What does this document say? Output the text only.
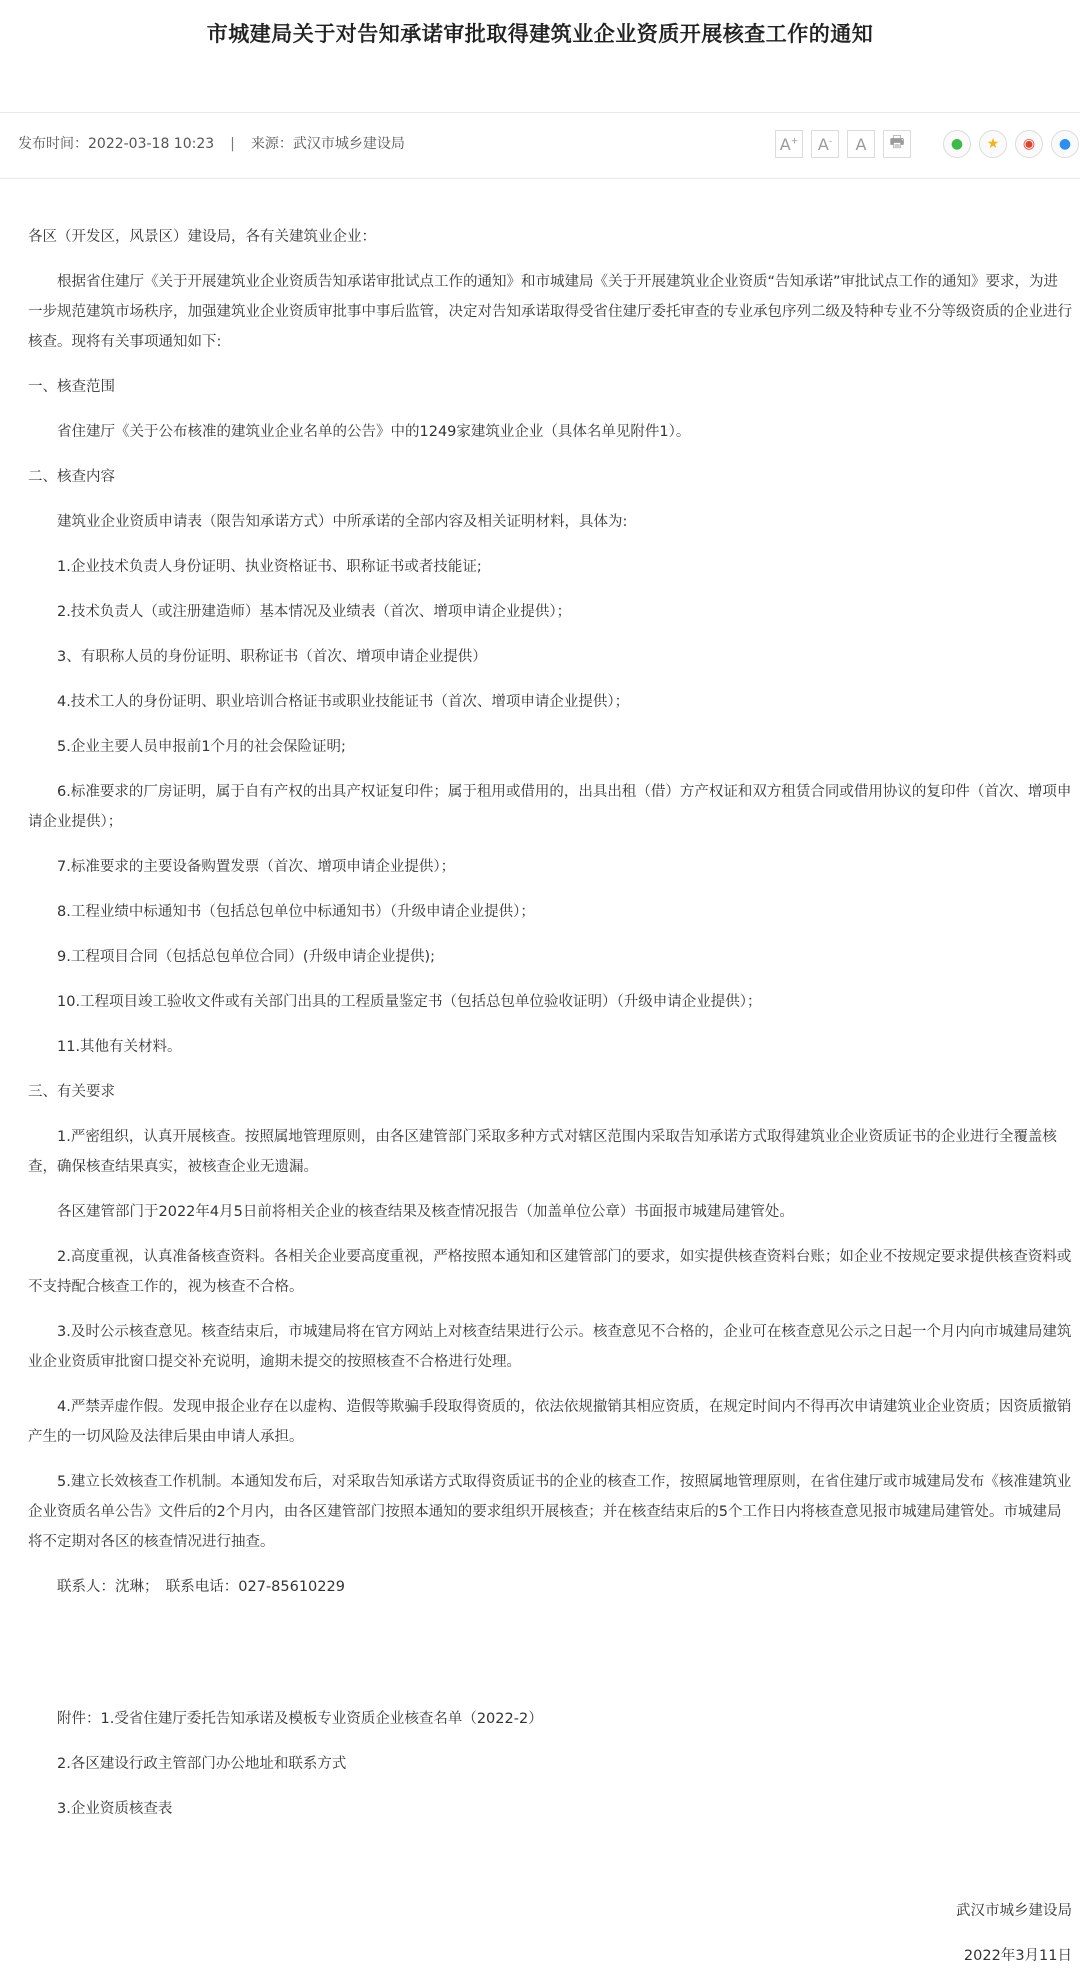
市城建局关于对告知承诺审批取得建筑业企业资质开展核查工作的通知
发布时间：2022-03-18 10:23 | 来源：武汉市城乡建设局	A+ A- A 🖶	● ★ ◉ ●

各区（开发区，风景区）建设局，各有关建筑业企业：

根据省住建厅《关于开展建筑业企业资质告知承诺审批试点工作的通知》和市城建局《关于开展建筑业企业资质“告知承诺”审批试点工作的通知》要求，为进一步规范建筑市场秩序，加强建筑业企业资质审批事中事后监管，决定对告知承诺取得受省住建厅委托审查的专业承包序列二级及特种专业不分等级资质的企业进行核查。现将有关事项通知如下:

一、核查范围

省住建厅《关于公布核准的建筑业企业名单的公告》中的1249家建筑业企业（具体名单见附件1）。

二、核查内容

建筑业企业资质申请表（限告知承诺方式）中所承诺的全部内容及相关证明材料，具体为:

1.企业技术负责人身份证明、执业资格证书、职称证书或者技能证;

2.技术负责人（或注册建造师）基本情况及业绩表（首次、增项申请企业提供）；

3、有职称人员的身份证明、职称证书（首次、增项申请企业提供）

4.技术工人的身份证明、职业培训合格证书或职业技能证书（首次、增项申请企业提供）；

5.企业主要人员申报前1个月的社会保险证明;

6.标准要求的厂房证明，属于自有产权的出具产权证复印件；属于租用或借用的，出具出租（借）方产权证和双方租赁合同或借用协议的复印件（首次、增项申请企业提供）；

7.标准要求的主要设备购置发票（首次、增项申请企业提供）；

8.工程业绩中标通知书（包括总包单位中标通知书）（升级申请企业提供）；

9.工程项目合同（包括总包单位合同）(升级申请企业提供);

10.工程项目竣工验收文件或有关部门出具的工程质量鉴定书（包括总包单位验收证明）（升级申请企业提供）；

11.其他有关材料。

三、有关要求

1.严密组织，认真开展核查。按照属地管理原则，由各区建管部门采取多种方式对辖区范围内采取告知承诺方式取得建筑业企业资质证书的企业进行全覆盖核查，确保核查结果真实，被核查企业无遗漏。

各区建管部门于2022年4月5日前将相关企业的核查结果及核查情况报告（加盖单位公章）书面报市城建局建管处。

2.高度重视，认真准备核查资料。各相关企业要高度重视，严格按照本通知和区建管部门的要求，如实提供核查资料台账；如企业不按规定要求提供核查资料或不支持配合核查工作的，视为核查不合格。

3.及时公示核查意见。核查结束后，市城建局将在官方网站上对核查结果进行公示。核查意见不合格的，企业可在核查意见公示之日起一个月内向市城建局建筑业企业资质审批窗口提交补充说明，逾期未提交的按照核查不合格进行处理。

4.严禁弄虚作假。发现申报企业存在以虚构、造假等欺骗手段取得资质的，依法依规撤销其相应资质，在规定时间内不得再次申请建筑业企业资质；因资质撤销产生的一切风险及法律后果由申请人承担。

5.建立长效核查工作机制。本通知发布后，对采取告知承诺方式取得资质证书的企业的核查工作，按照属地管理原则，在省住建厅或市城建局发布《核准建筑业企业资质名单公告》文件后的2个月内，由各区建管部门按照本通知的要求组织开展核查；并在核查结束后的5个工作日内将核查意见报市城建局建管处。市城建局将不定期对各区的核查情况进行抽查。

联系人：沈琳；　联系电话：027-85610229

附件：1.受省住建厅委托告知承诺及模板专业资质企业核查名单（2022-2）

2.各区建设行政主管部门办公地址和联系方式

3.企业资质核查表

武汉市城乡建设局

2022年3月11日
